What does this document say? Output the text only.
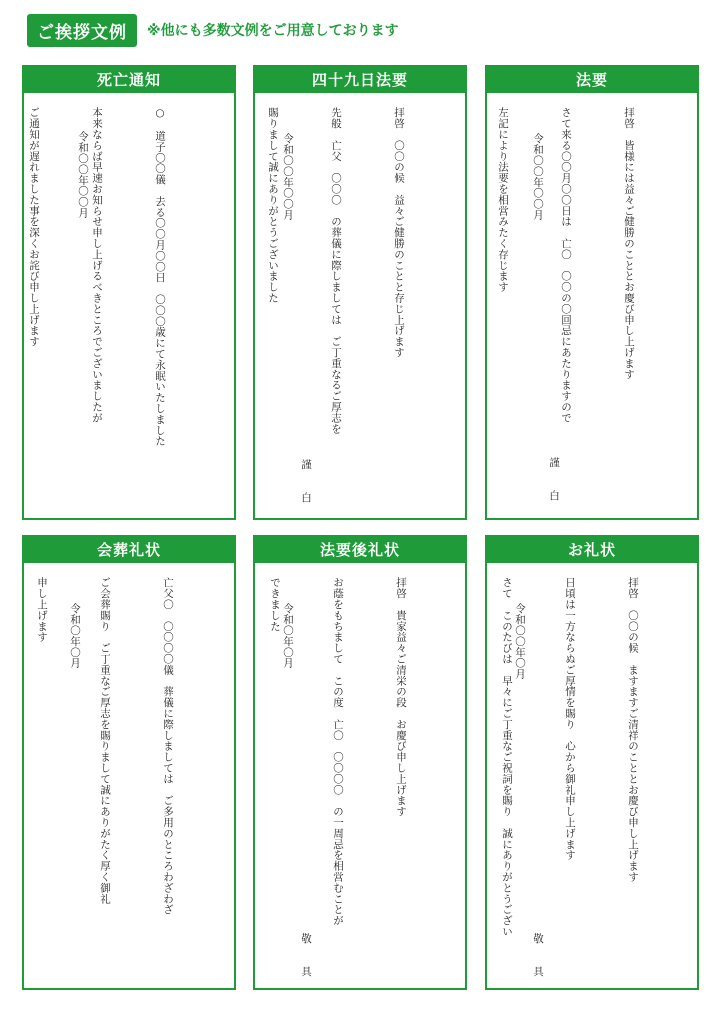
ご挨拶文例	※他にも多数文例をご用意しております
死亡通知

○　道子〇〇儀　去る〇〇月〇〇日　〇〇〇歳にて永眠いたしました

本来ならば早速お知らせ申し上げるべきところでございましたが

ご通知が遅れました事を深くお詫び申し上げます

	令和〇〇年〇〇月
四十九日法要

拝啓　〇〇の候　益々ご健勝のことと存じ上げます

先般　亡父　〇〇〇　の葬儀に際しましては　ご丁重なるご厚志を

賜りまして誠にありがとうございました

令和〇〇年〇〇月
謹　白
法要

拝啓　皆様には益々ご健勝のこととお慶び申し上げます

さて来る〇〇月〇〇日は　亡〇　〇〇の〇回忌にあたりますので

左記により法要を相営みたく存じます

	令和〇〇年〇〇月
謹　白
会葬礼状

亡父〇　〇〇〇〇儀　葬儀に際しましては　ご多用のところわざわざ

ご会葬賜り　ご丁重なご厚志を賜りまして誠にありがたく厚く御礼

申し上げます

	令和〇年〇月
法要後礼状

拝啓　貴家益々ご清栄の段　お慶び申し上げます

お蔭をもちまして　この度　亡〇　〇〇〇〇　の一周忌を相営むことが

できました

令和〇年〇月
敬　具
お礼状

拝啓　〇〇の候　ますますご清祥のこととお慶び申し上げます

日頃は一方ならぬご厚情を賜り　心から御礼申し上げます

さて　このたびは　早々にご丁重なご祝詞を賜り　誠にありがとうござい

令和〇〇年〇月
敬　具
